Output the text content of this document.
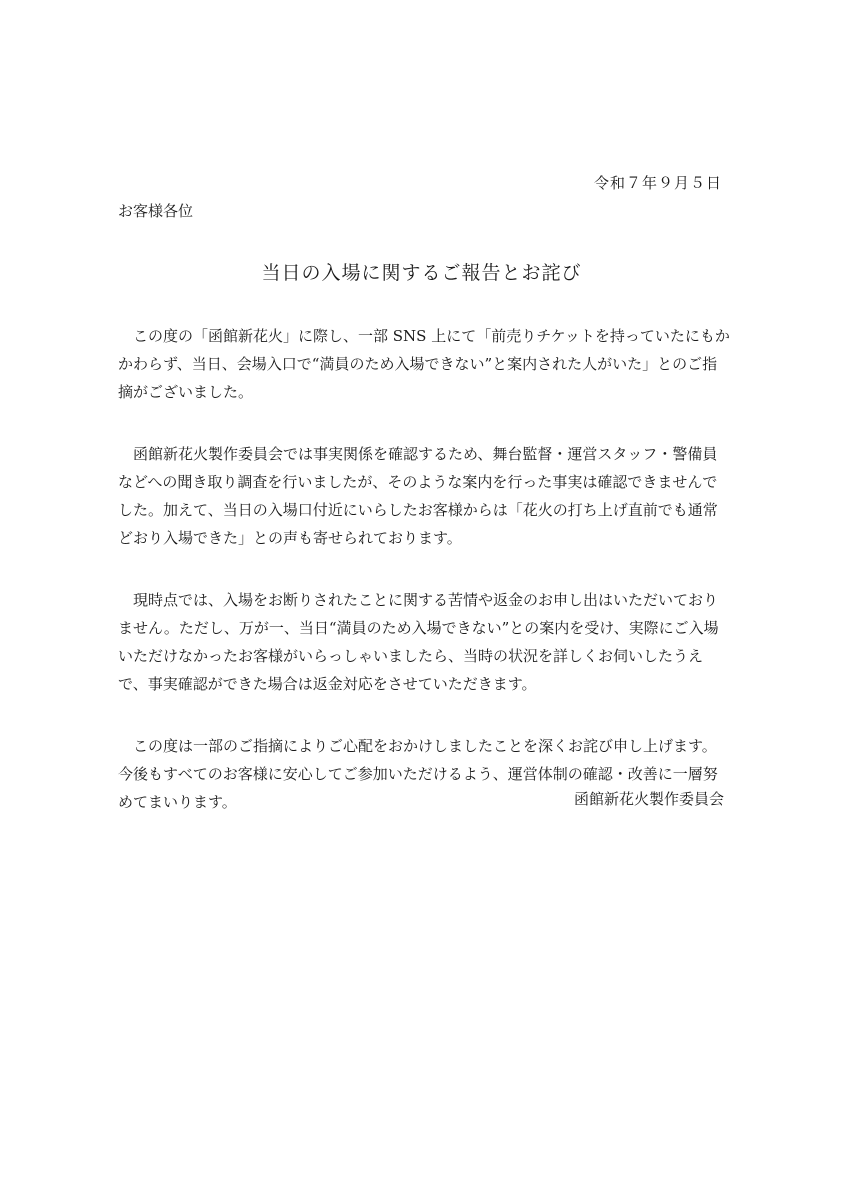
令和７年９月５日
お客様各位
当日の入場に関するご報告とお詫び
この度の「函館新花火」に際し、一部 SNS 上にて「前売りチケットを持っていたにもか
かわらず、当日、会場入口で“満員のため入場できない”と案内された人がいた」とのご指
摘がございました。
函館新花火製作委員会では事実関係を確認するため、舞台監督・運営スタッフ・警備員
などへの聞き取り調査を行いましたが、そのような案内を行った事実は確認できませんで
した。加えて、当日の入場口付近にいらしたお客様からは「花火の打ち上げ直前でも通常
どおり入場できた」との声も寄せられております。
現時点では、入場をお断りされたことに関する苦情や返金のお申し出はいただいており
ません。ただし、万が一、当日“満員のため入場できない”との案内を受け、実際にご入場
いただけなかったお客様がいらっしゃいましたら、当時の状況を詳しくお伺いしたうえ
で、事実確認ができた場合は返金対応をさせていただきます。
この度は一部のご指摘によりご心配をおかけしましたことを深くお詫び申し上げます。
今後もすべてのお客様に安心してご参加いただけるよう、運営体制の確認・改善に一層努
めてまいります。	函館新花火製作委員会
